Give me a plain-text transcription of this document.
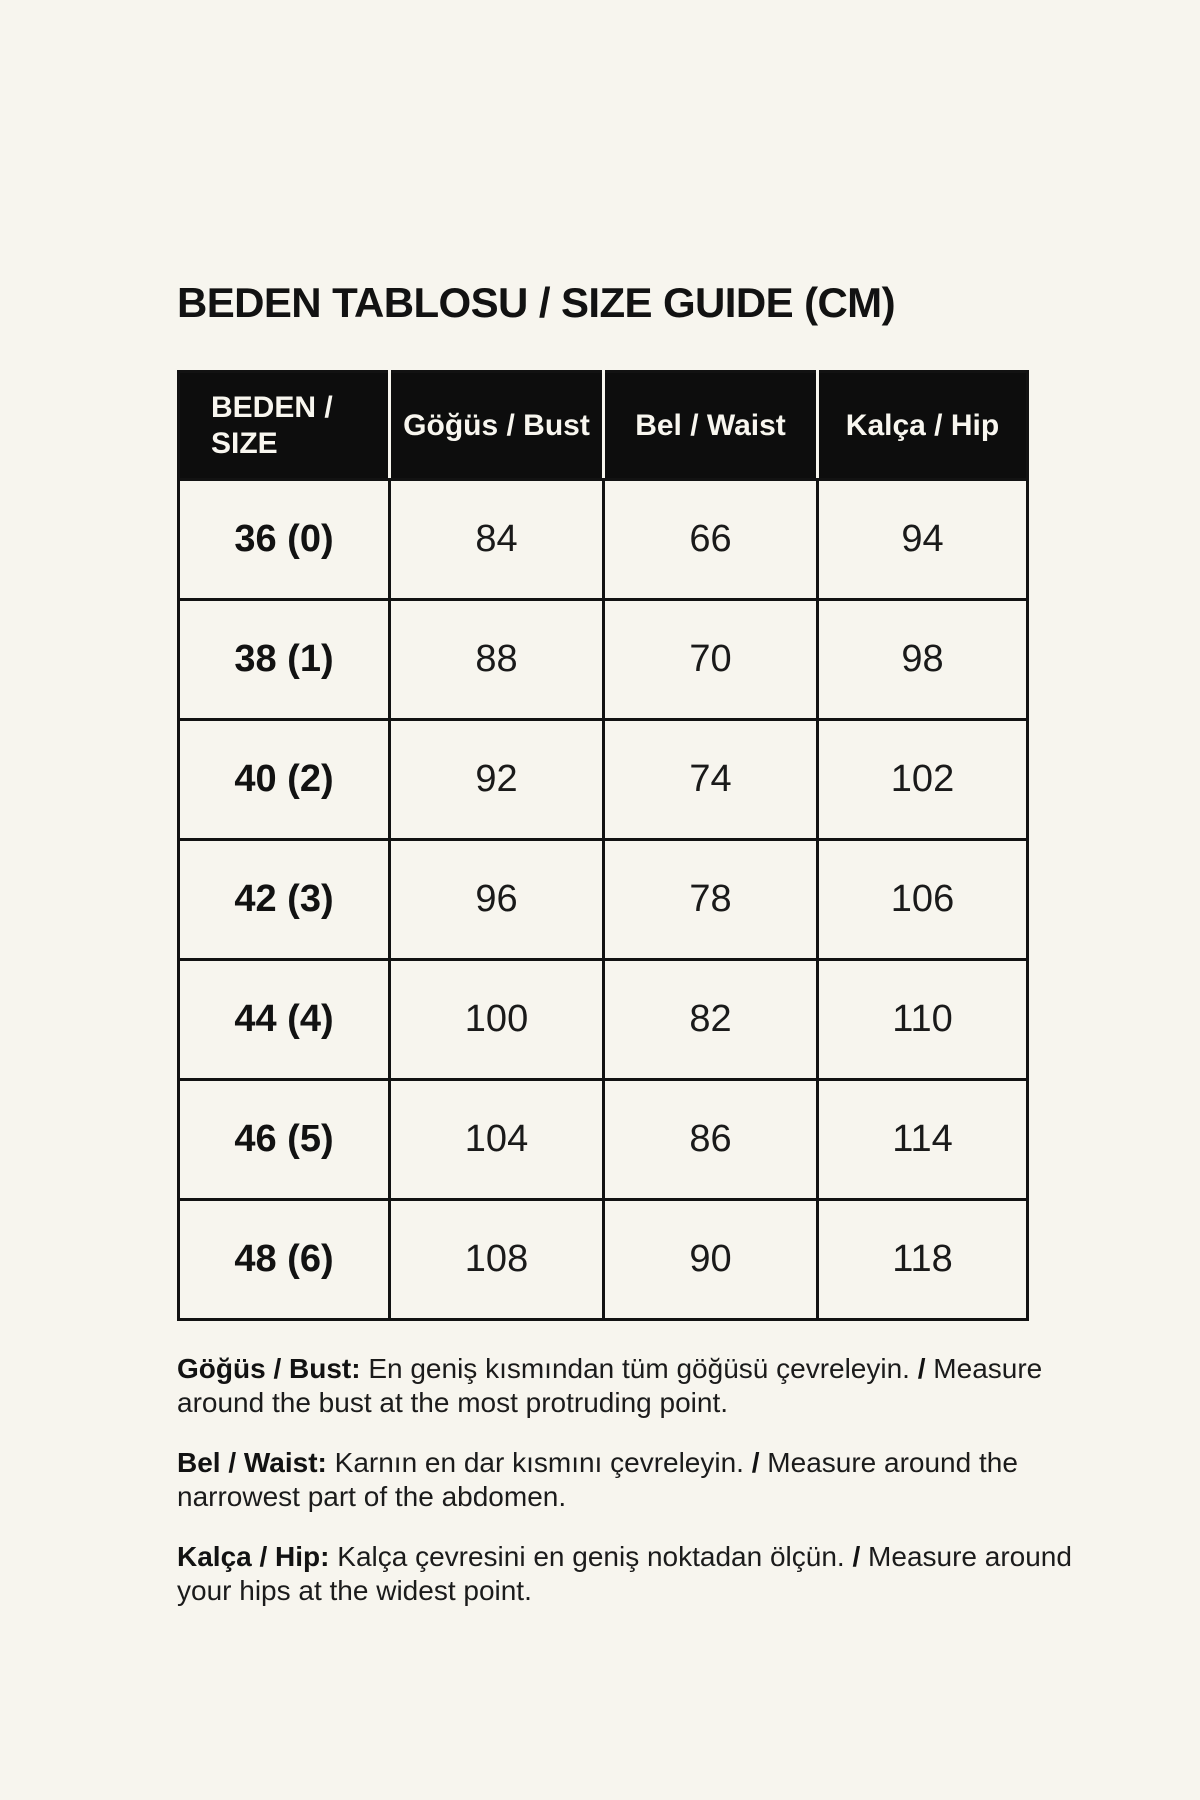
BEDEN TABLOSU / SIZE GUIDE (CM)
BEDEN / SIZE	Göğüs / Bust	Bel / Waist	Kalça / Hip
36 (0)	84	66	94
38 (1)	88	70	98
40 (2)	92	74	102
42 (3)	96	78	106
44 (4)	100	82	110
46 (5)	104	86	114
48 (6)	108	90	118

Göğüs / Bust: En geniş kısmından tüm göğüsü çevreleyin. / Measure
around the bust at the most protruding point.

Bel / Waist: Karnın en dar kısmını çevreleyin. / Measure around the
narrowest part of the abdomen.

Kalça / Hip: Kalça çevresini en geniş noktadan ölçün. / Measure around
your hips at the widest point.
